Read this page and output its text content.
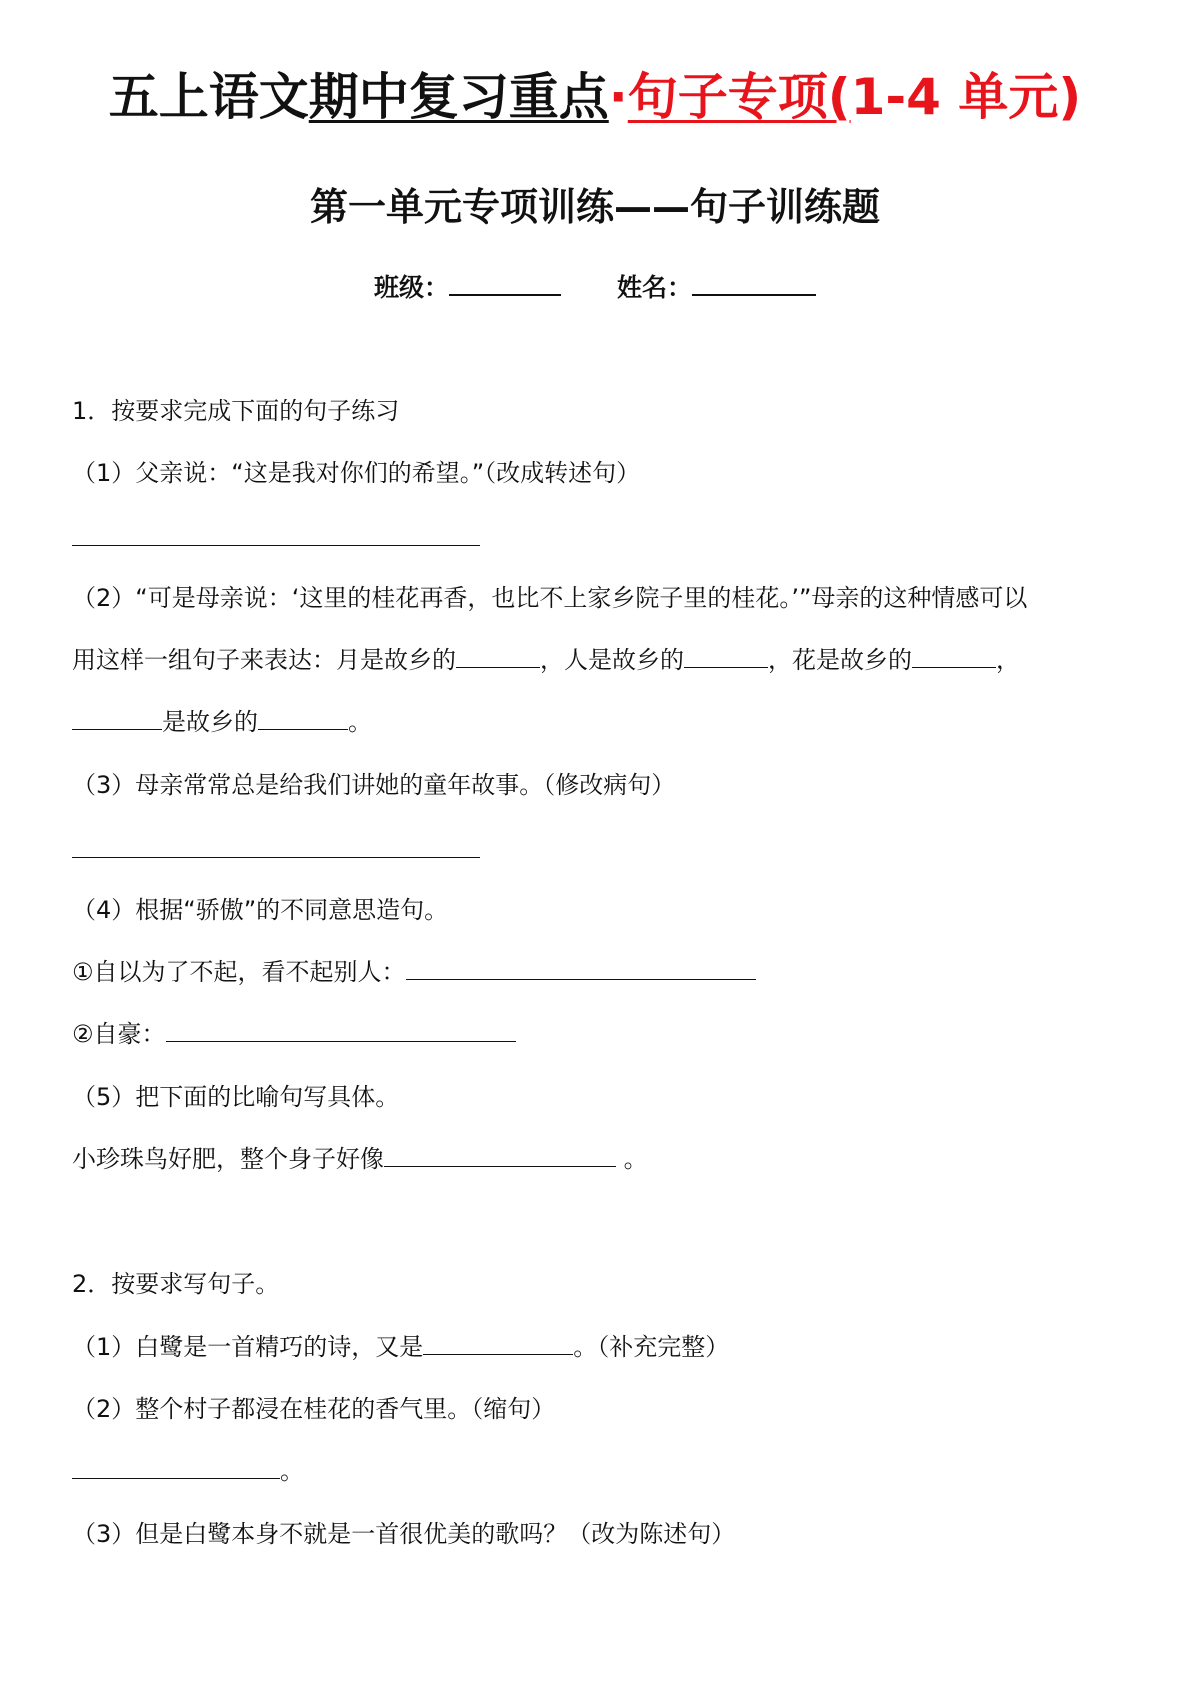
五上语文期中复习重点·句子专项(1-4 单元)
第一单元专项训练——句子训练题
班级：	姓名：
1．按要求完成下面的句子练习
（1）父亲说：“这是我对你们的希望。”（改成转述句）
（2）“可是母亲说：‘这里的桂花再香，也比不上家乡院子里的桂花。’”母亲的这种情感可以
用这样一组句子来表达：月是故乡的	，人是故乡的	，花是故乡的	，
是故乡的	。
（3）母亲常常总是给我们讲她的童年故事。（修改病句）
（4）根据“骄傲”的不同意思造句。
①自以为了不起，看不起别人：
②自豪：
（5）把下面的比喻句写具体。
小珍珠鸟好肥，整个身子好像	。
2．按要求写句子。
（1）白鹭是一首精巧的诗，又是	。（补充完整）
（2）整个村子都浸在桂花的香气里。（缩句）
。
（3）但是白鹭本身不就是一首很优美的歌吗？（改为陈述句）
